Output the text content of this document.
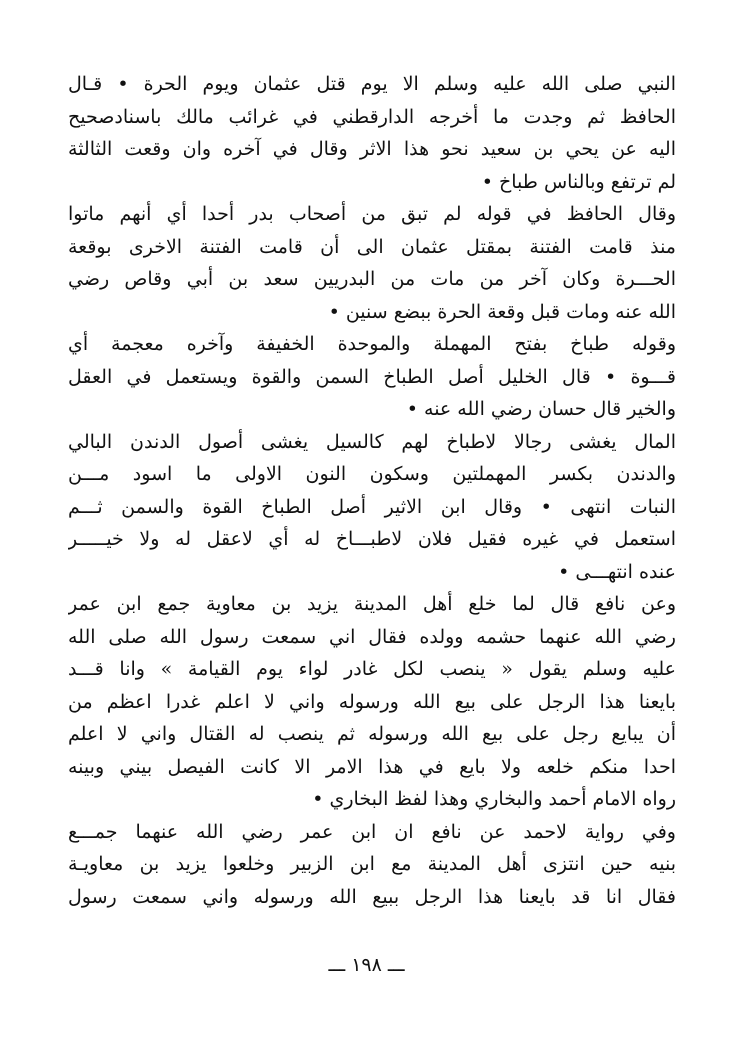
النبي صلى الله عليه وسلم الا يوم قتل عثمان ويوم الحرة • قـال
الحافظ ثم وجدت ما أخرجه الدارقطني في غرائب مالك باسنادصحيح
اليه عن يحي بن سعيد نحو هذا الاثر وقال في آخره وان وقعت الثالثة
لم ترتفع وبالناس طباخ •
وقال الحافظ في قوله لم تبق من أصحاب بدر أحدا أي أنهم ماتوا
منذ قامت الفتنة بمقتل عثمان الى أن قامت الفتنة الاخرى بوقعة
الحـــرة وكان آخر من مات من البدريين سعد بن أبي وقاص رضي
الله عنه ومات قبل وقعة الحرة ببضع سنين •
وقوله طباخ بفتح المهملة والموحدة الخفيفة وآخره معجمة أي
قـــوة • قال الخليل أصل الطباخ السمن والقوة ويستعمل في العقل
والخير قال حسان رضي الله عنه •
المال يغشى رجالا لاطباخ لهم كالسيل يغشى أصول الدندن البالي
والدندن بكسر المهملتين وسكون النون الاولى ما اسود مـــن
النبات انتهى • وقال ابن الاثير أصل الطباخ القوة والسمن ثـــم
استعمل في غيره فقيل فلان لاطبـــاخ له أي لاعقل له ولا خيـــــر
عنده انتهـــى •
وعن نافع قال لما خلع أهل المدينة يزيد بن معاوية جمع ابن عمر
رضي الله عنهما حشمه وولده فقال اني سمعت رسول الله صلى الله
عليه وسلم يقول « ينصب لكل غادر لواء يوم القيامة » وانا قـــد
بايعنا هذا الرجل على بيع الله ورسوله واني لا اعلم غدرا اعظم من
أن يبايع رجل على بيع الله ورسوله ثم ينصب له القتال واني لا اعلم
احدا منكم خلعه ولا بايع في هذا الامر الا كانت الفيصل بيني وبينه
رواه الامام أحمد والبخاري وهذا لفظ البخاري •
وفي رواية لاحمد عن نافع ان ابن عمر رضي الله عنهما جمـــع
بنيه حين انتزى أهل المدينة مع ابن الزبير وخلعوا يزيد بن معاويـة
فقال انا قد بايعنا هذا الرجل ببيع الله ورسوله واني سمعت رسول
ـــ ١٩٨ ـــ
